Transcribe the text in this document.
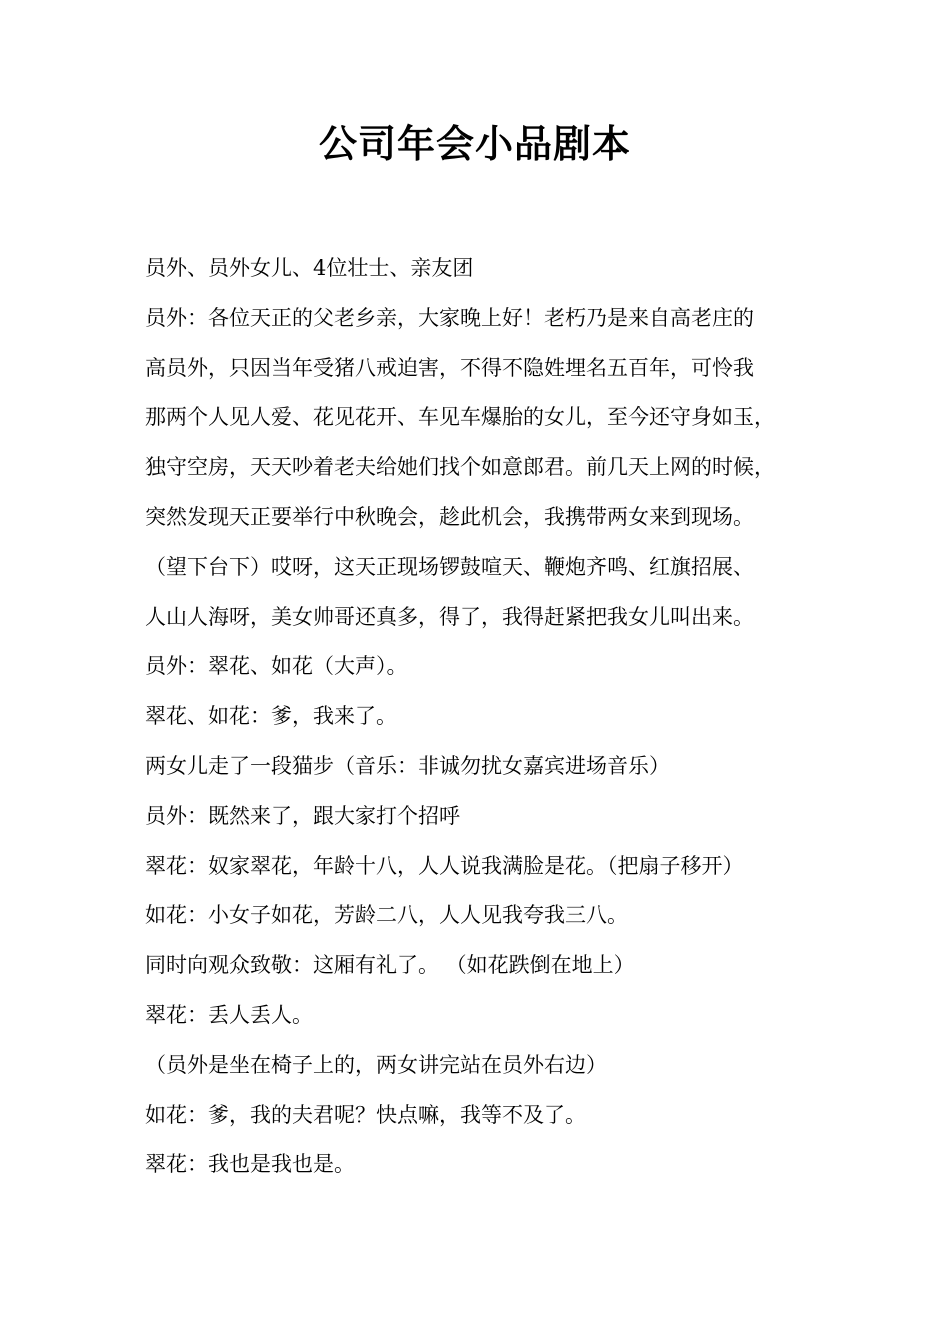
公司年会小品剧本

员外、员外女儿、4位壮士、亲友团

员外：各位天正的父老乡亲，大家晚上好！老朽乃是来自高老庄的

高员外，只因当年受猪八戒迫害，不得不隐姓埋名五百年，可怜我

那两个人见人爱、花见花开、车见车爆胎的女儿，至今还守身如玉，

独守空房，天天吵着老夫给她们找个如意郎君。前几天上网的时候，

突然发现天正要举行中秋晚会，趁此机会，我携带两女来到现场。

（望下台下）哎呀，这天正现场锣鼓喧天、鞭炮齐鸣、红旗招展、

人山人海呀，美女帅哥还真多，得了，我得赶紧把我女儿叫出来。

员外：翠花、如花（大声）。

翠花、如花：爹，我来了。

两女儿走了一段猫步（音乐：非诚勿扰女嘉宾进场音乐）

员外：既然来了，跟大家打个招呼

翠花：奴家翠花，年龄十八，人人说我满脸是花。（把扇子移开）

如花：小女子如花，芳龄二八，人人见我夸我三八。

同时向观众致敬：这厢有礼了。 （如花跌倒在地上）

翠花：丢人丢人。

（员外是坐在椅子上的，两女讲完站在员外右边）

如花：爹，我的夫君呢？快点嘛，我等不及了。

翠花：我也是我也是。
